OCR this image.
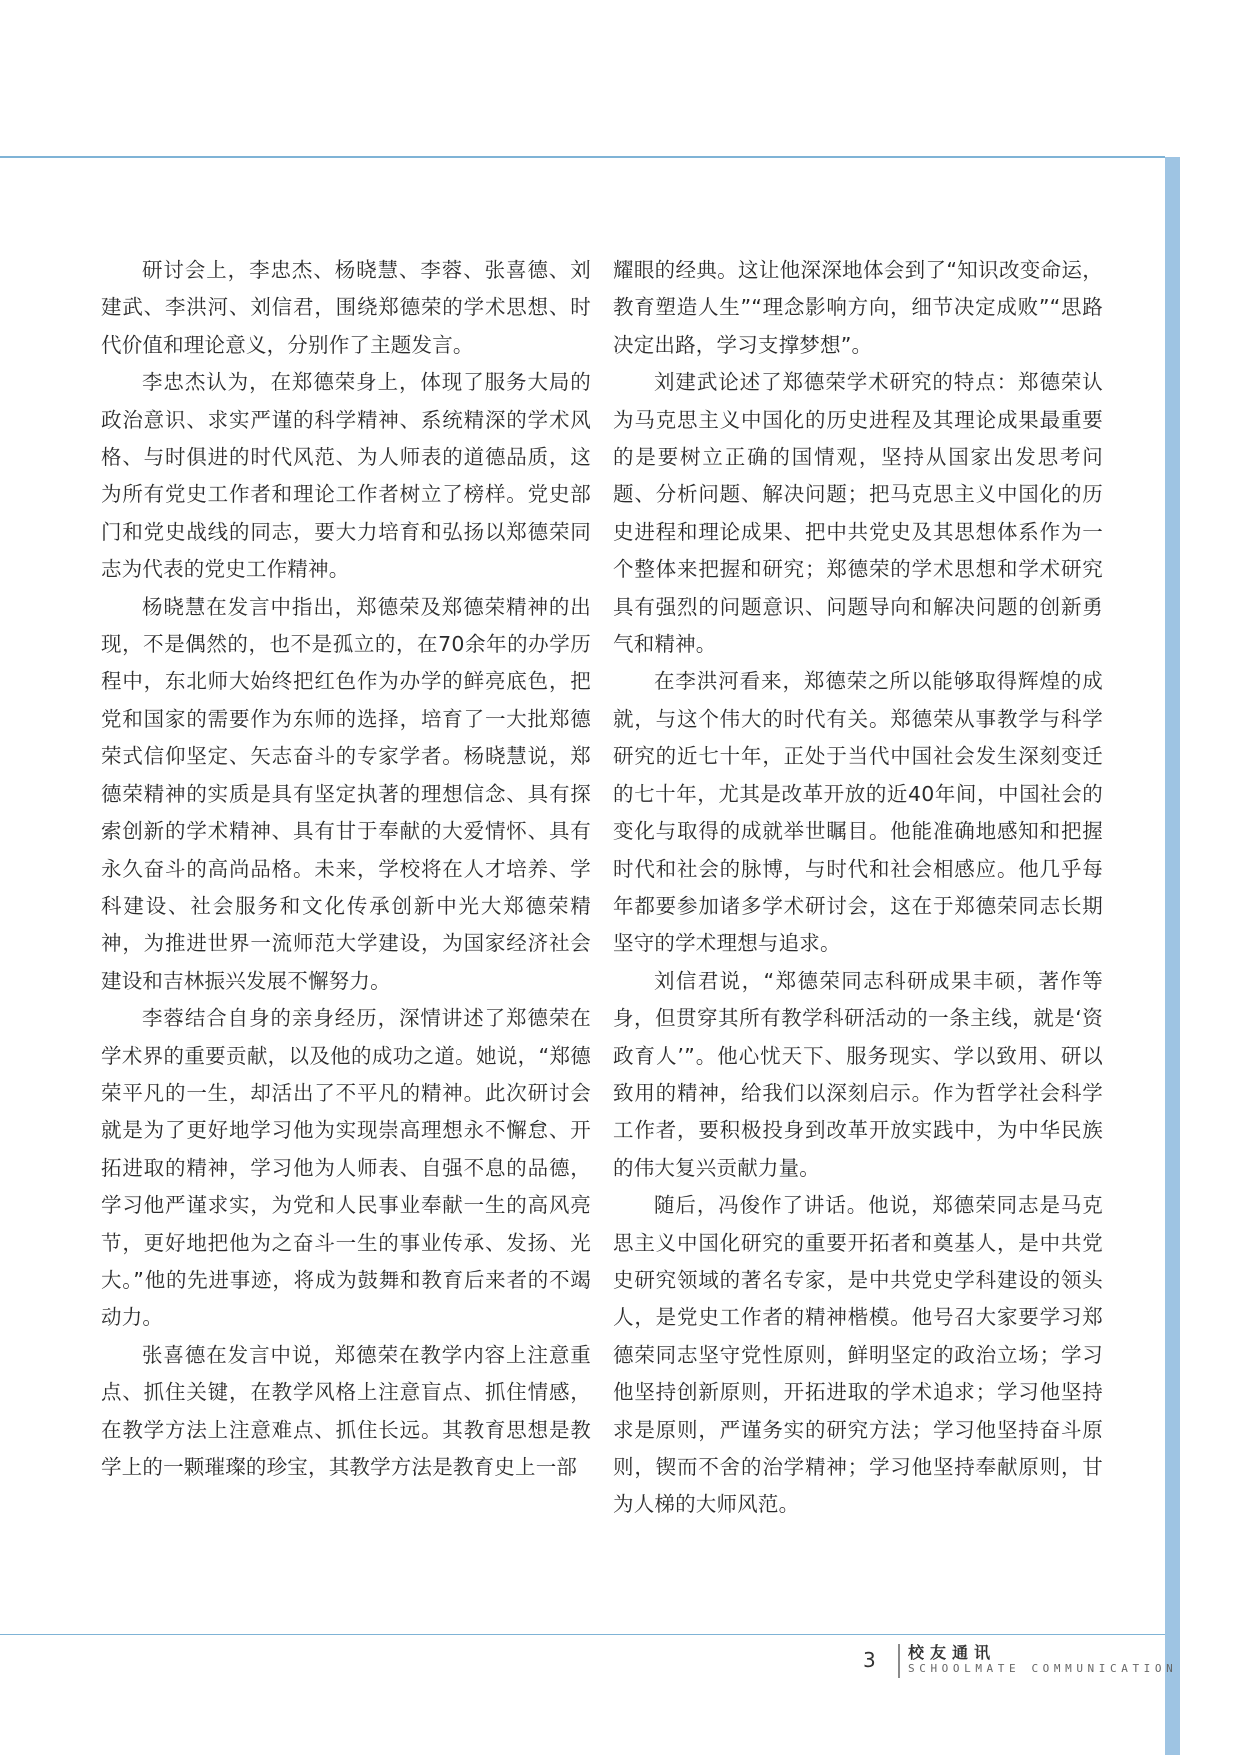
研讨会上，李忠杰、杨晓慧、李蓉、张喜德、刘建武、李洪河、刘信君，围绕郑德荣的学术思想、时代价值和理论意义，分别作了主题发言。

李忠杰认为，在郑德荣身上，体现了服务大局的政治意识、求实严谨的科学精神、系统精深的学术风格、与时俱进的时代风范、为人师表的道德品质，这为所有党史工作者和理论工作者树立了榜样。党史部门和党史战线的同志，要大力培育和弘扬以郑德荣同志为代表的党史工作精神。

杨晓慧在发言中指出，郑德荣及郑德荣精神的出现，不是偶然的，也不是孤立的，在70余年的办学历程中，东北师大始终把红色作为办学的鲜亮底色，把党和国家的需要作为东师的选择，培育了一大批郑德荣式信仰坚定、矢志奋斗的专家学者。杨晓慧说，郑德荣精神的实质是具有坚定执著的理想信念、具有探索创新的学术精神、具有甘于奉献的大爱情怀、具有永久奋斗的高尚品格。未来，学校将在人才培养、学科建设、社会服务和文化传承创新中光大郑德荣精神，为推进世界一流师范大学建设，为国家经济社会建设和吉林振兴发展不懈努力。

李蓉结合自身的亲身经历，深情讲述了郑德荣在学术界的重要贡献，以及他的成功之道。她说，“郑德荣平凡的一生，却活出了不平凡的精神。此次研讨会就是为了更好地学习他为实现崇高理想永不懈怠、开拓进取的精神，学习他为人师表、自强不息的品德，学习他严谨求实，为党和人民事业奉献一生的高风亮节，更好地把他为之奋斗一生的事业传承、发扬、光大。”他的先进事迹，将成为鼓舞和教育后来者的不竭动力。

张喜德在发言中说，郑德荣在教学内容上注意重点、抓住关键，在教学风格上注意盲点、抓住情感，在教学方法上注意难点、抓住长远。其教育思想是教学上的一颗璀璨的珍宝，其教学方法是教育史上一部

耀眼的经典。这让他深深地体会到了“知识改变命运，教育塑造人生”“理念影响方向，细节决定成败”“思路决定出路，学习支撑梦想”。

刘建武论述了郑德荣学术研究的特点：郑德荣认为马克思主义中国化的历史进程及其理论成果最重要的是要树立正确的国情观，坚持从国家出发思考问题、分析问题、解决问题；把马克思主义中国化的历史进程和理论成果、把中共党史及其思想体系作为一个整体来把握和研究；郑德荣的学术思想和学术研究具有强烈的问题意识、问题导向和解决问题的创新勇气和精神。

在李洪河看来，郑德荣之所以能够取得辉煌的成就，与这个伟大的时代有关。郑德荣从事教学与科学研究的近七十年，正处于当代中国社会发生深刻变迁的七十年，尤其是改革开放的近40年间，中国社会的变化与取得的成就举世瞩目。他能准确地感知和把握时代和社会的脉博，与时代和社会相感应。他几乎每年都要参加诸多学术研讨会，这在于郑德荣同志长期坚守的学术理想与追求。

刘信君说，“郑德荣同志科研成果丰硕，著作等身，但贯穿其所有教学科研活动的一条主线，就是‘资政育人’”。他心忧天下、服务现实、学以致用、研以致用的精神，给我们以深刻启示。作为哲学社会科学工作者，要积极投身到改革开放实践中，为中华民族的伟大复兴贡献力量。

随后，冯俊作了讲话。他说，郑德荣同志是马克思主义中国化研究的重要开拓者和奠基人，是中共党史研究领域的著名专家，是中共党史学科建设的领头人，是党史工作者的精神楷模。他号召大家要学习郑德荣同志坚守党性原则，鲜明坚定的政治立场；学习他坚持创新原则，开拓进取的学术追求；学习他坚持求是原则，严谨务实的研究方法；学习他坚持奋斗原则，锲而不舍的治学精神；学习他坚持奉献原则，甘为人梯的大师风范。

3 校友通讯
SCHOOLMATE COMMUNICATION
